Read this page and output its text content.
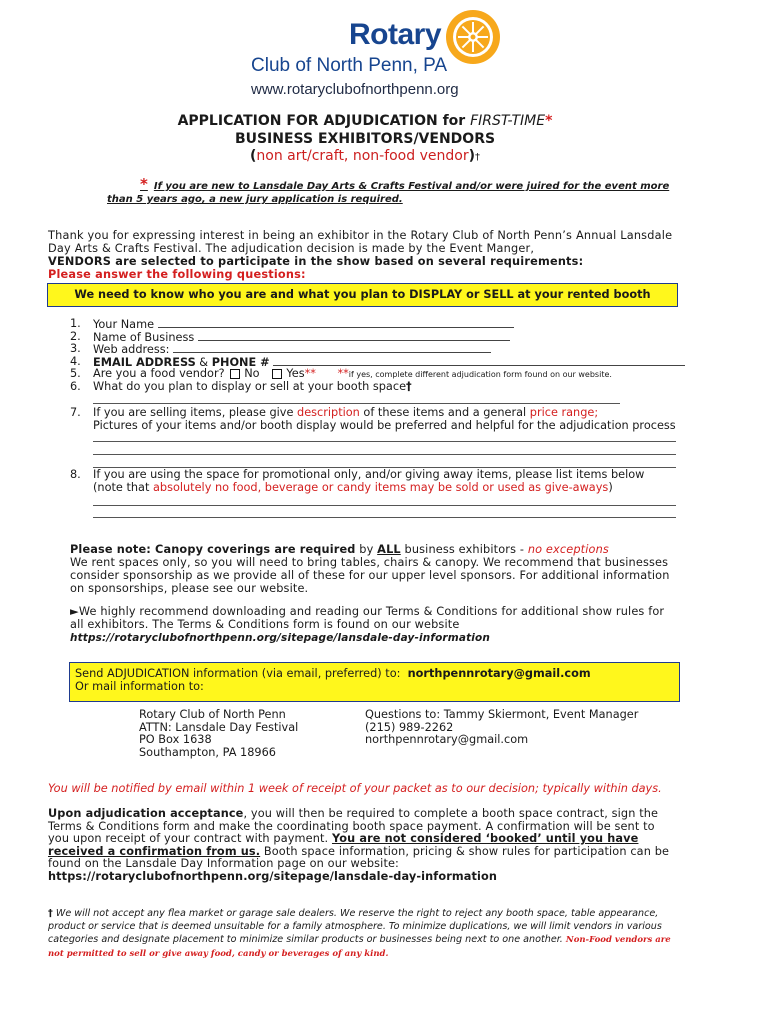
Rotary
Club of North Penn, PA
www.rotaryclubofnorthpenn.org
APPLICATION FOR ADJUDICATION for FIRST-TIME*
BUSINESS EXHIBITORS/VENDORS
(non art/craft, non-food vendor)†
* If you are new to Lansdale Day Arts & Crafts Festival and/or were juired for the event more than 5 years ago, a new jury application is required.
Thank you for expressing interest in being an exhibitor in the Rotary Club of North Penn’s Annual Lansdale Day Arts & Crafts Festival. The adjudication decision is made by the Event Manger,
VENDORS are selected to participate in the show based on several requirements:
Please answer the following questions:
We need to know who you are and what you plan to DISPLAY or SELL at your rented booth
1.	Your Name
2.	Name of Business
3.	Web address:
4.	EMAIL ADDRESS & PHONE #
5.	Are you a food vendor? No Yes** **if yes, complete different adjudication form found on our website.
6.	What do you plan to display or sell at your booth space†
7.	If you are selling items, please give description of these items and a general price range;
Pictures of your items and/or booth display would be preferred and helpful for the adjudication process
8.	If you are using the space for promotional only, and/or giving away items, please list items below
(note that absolutely no food, beverage or candy items may be sold or used as give-aways)
Please note: Canopy coverings are required by ALL business exhibitors - no exceptions
We rent spaces only, so you will need to bring tables, chairs & canopy. We recommend that businesses consider sponsorship as we provide all of these for our upper level sponsors. For additional information on sponsorships, please see our website.
►We highly recommend downloading and reading our Terms & Conditions for additional show rules for all exhibitors. The Terms & Conditions form is found on our website
https://rotaryclubofnorthpenn.org/sitepage/lansdale-day-information
Send ADJUDICATION information (via email, preferred) to: northpennrotary@gmail.com
Or mail information to:
Rotary Club of North Penn
ATTN: Lansdale Day Festival
PO Box 1638
Southampton, PA 18966
Questions to: Tammy Skiermont, Event Manager
(215) 989-2262
northpennrotary@gmail.com
You will be notified by email within 1 week of receipt of your packet as to our decision; typically within days.
Upon adjudication acceptance, you will then be required to complete a booth space contract, sign the Terms & Conditions form and make the coordinating booth space payment. A confirmation will be sent to you upon receipt of your contract with payment. You are not considered ‘booked’ until you have received a confirmation from us. Booth space information, pricing & show rules for participation can be found on the Lansdale Day Information page on our website:
https://rotaryclubofnorthpenn.org/sitepage/lansdale-day-information
† We will not accept any flea market or garage sale dealers. We reserve the right to reject any booth space, table appearance, product or service that is deemed unsuitable for a family atmosphere. To minimize duplications, we will limit vendors in various categories and designate placement to minimize similar products or businesses being next to one another. Non-Food vendors are not permitted to sell or give away food, candy or beverages of any kind.
